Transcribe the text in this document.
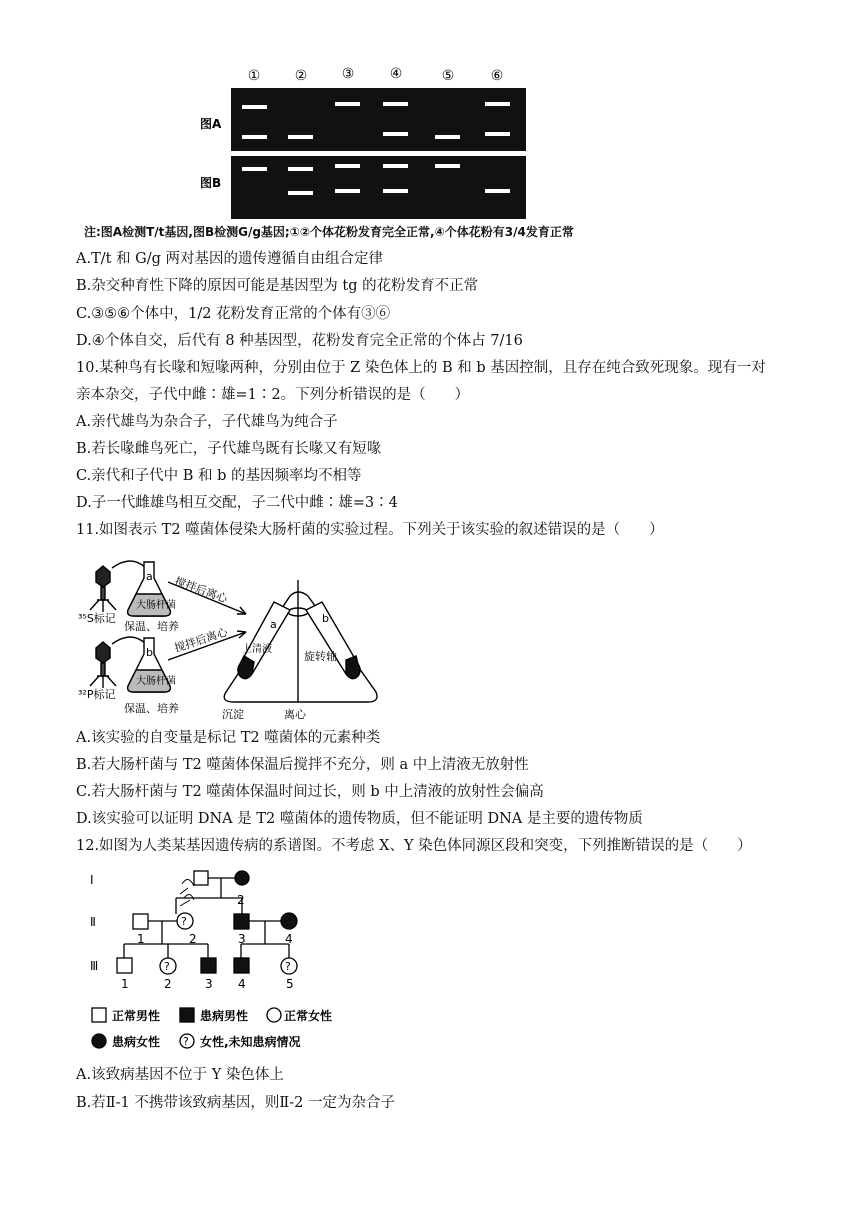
① ② ③	④	⑤	⑥
图A
图B
注:图A检测T/t基因,图B检测G/g基因;①②个体花粉发育完全正常,④个体花粉有3/4发育正常
A.T/t 和 G/g 两对基因的遗传遵循自由组合定律
B.杂交种育性下降的原因可能是基因型为 tg 的花粉发育不正常
C.③⑤⑥个体中，1/2 花粉发育正常的个体有③⑥
D.④个体自交，后代有 8 种基因型，花粉发育完全正常的个体占 7/16
10.某种鸟有长喙和短喙两种，分别由位于 Z 染色体上的 B 和 b 基因控制，且存在纯合致死现象。现有一对
亲本杂交，子代中雌∶雄=1∶2。下列分析错误的是（　　）
A.亲代雄鸟为杂合子，子代雄鸟为纯合子
B.若长喙雌鸟死亡，子代雄鸟既有长喙又有短喙
C.亲代和子代中 B 和 b 的基因频率均不相等
D.子一代雌雄鸟相互交配，子二代中雌∶雄=3∶4
11.如图表示 T2 噬菌体侵染大肠杆菌的实验过程。下列关于该实验的叙述错误的是（　　）
³⁵S标记
³²P标记
a
b
大肠杆菌
大肠杆菌
保温、培养
保温、培养
搅拌后离心
搅拌后离心
a	b
上清液
旋转轴
沉淀	离心
A.该实验的自变量是标记 T2 噬菌体的元素种类
B.若大肠杆菌与 T2 噬菌体保温后搅拌不充分，则 a 中上清液无放射性
C.若大肠杆菌与 T2 噬菌体保温时间过长，则 b 中上清液的放射性会偏高
D.该实验可以证明 DNA 是 T2 噬菌体的遗传物质，但不能证明 DNA 是主要的遗传物质
12.如图为人类某基因遗传病的系谱图。不考虑 X、Y 染色体同源区段和突变，下列推断错误的是（　　）
Ⅰ
Ⅱ
Ⅲ
2
1	2	3	4
1	2	3 4	5
?
?	?
?
正常男性	患病男性	正常女性
患病女性	女性,未知患病情况
A.该致病基因不位于 Y 染色体上
B.若Ⅱ-1 不携带该致病基因，则Ⅱ-2 一定为杂合子
